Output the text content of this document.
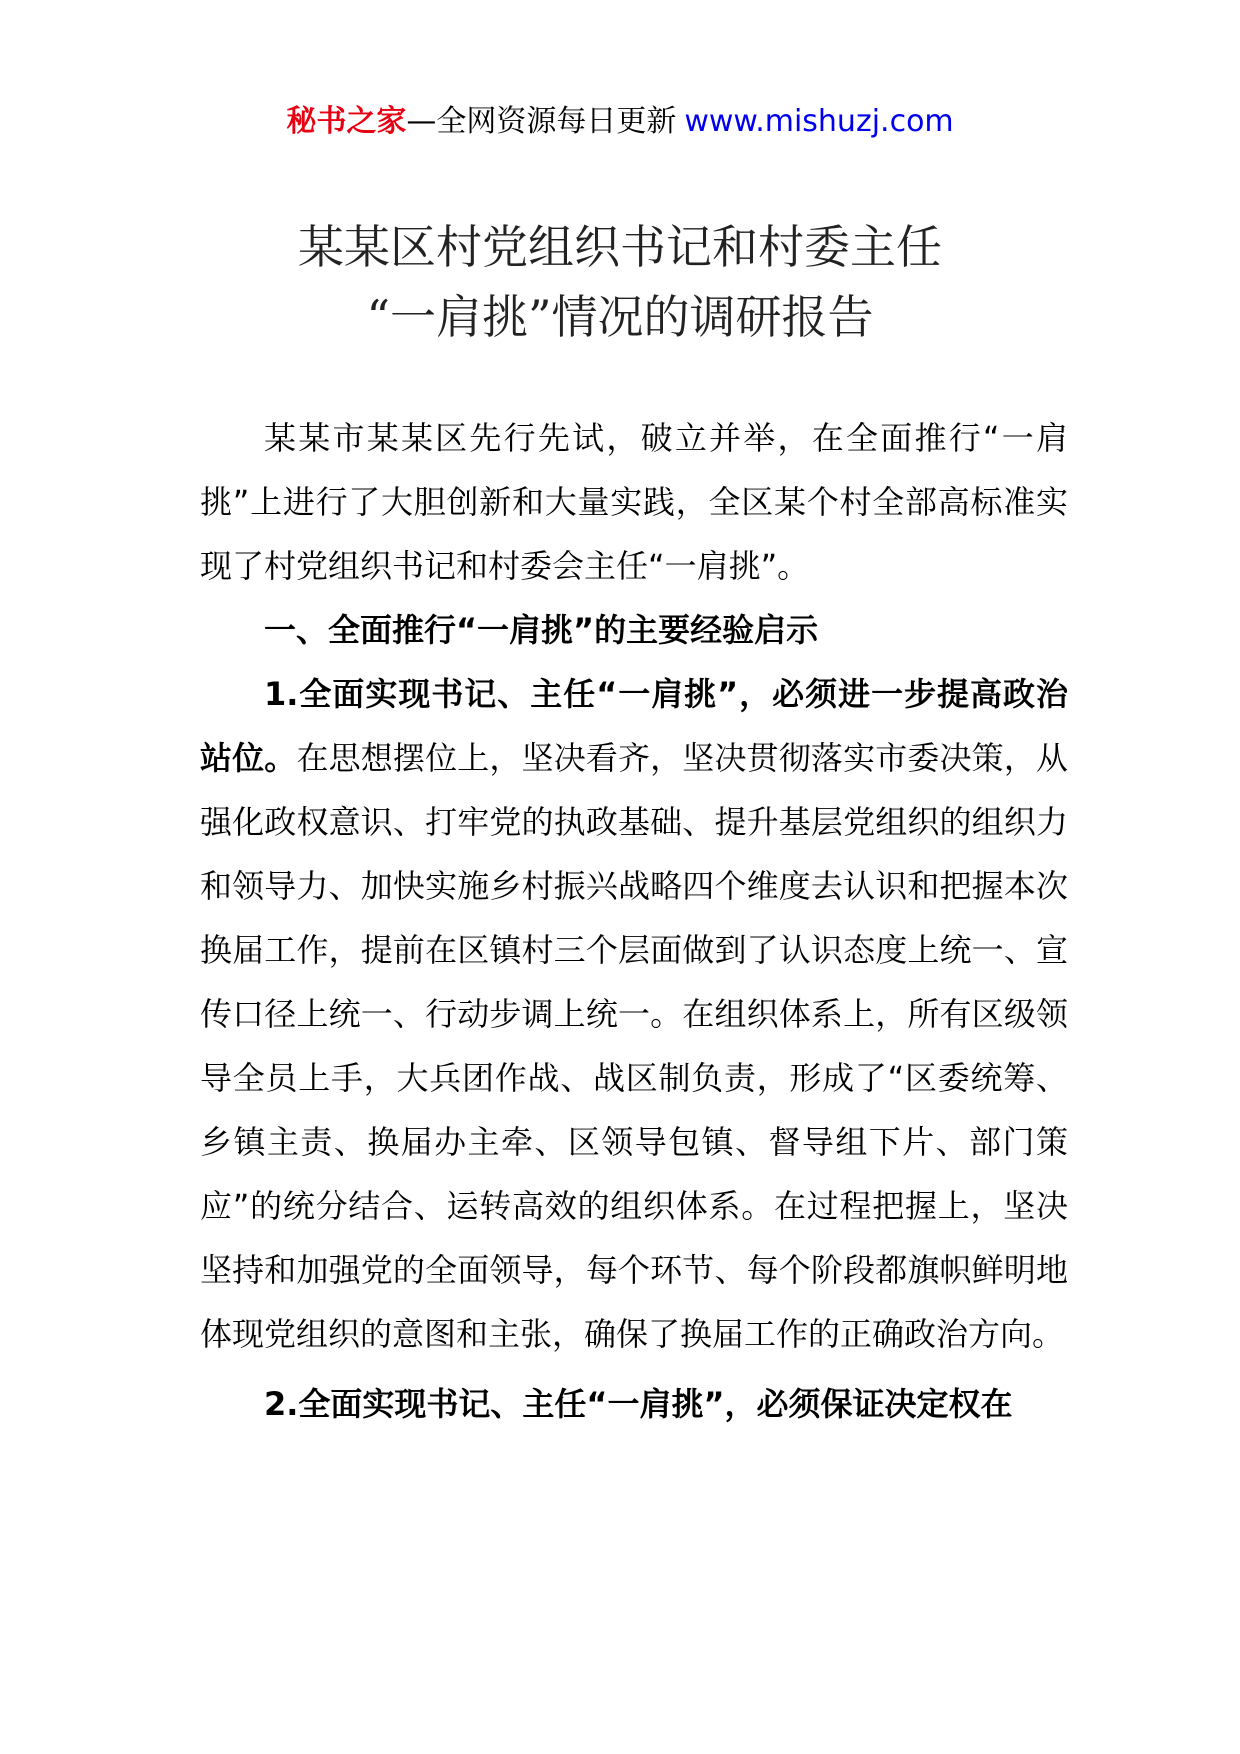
秘书之家—全网资源每日更新 www.mishuzj.com
某某区村党组织书记和村委主任
“一肩挑”情况的调研报告

某某市某某区先行先试，破立并举，在全面推行“一肩挑”上进行了大胆创新和大量实践，全区某个村全部高标准实现了村党组织书记和村委会主任“一肩挑”。

一、全面推行“一肩挑”的主要经验启示

1.全面实现书记、主任“一肩挑”，必须进一步提高政治站位。在思想摆位上，坚决看齐，坚决贯彻落实市委决策，从强化政权意识、打牢党的执政基础、提升基层党组织的组织力和领导力、加快实施乡村振兴战略四个维度去认识和把握本次换届工作，提前在区镇村三个层面做到了认识态度上统一、宣传口径上统一、行动步调上统一。在组织体系上，所有区级领导全员上手，大兵团作战、战区制负责，形成了“区委统筹、乡镇主责、换届办主牵、区领导包镇、督导组下片、部门策应”的统分结合、运转高效的组织体系。在过程把握上，坚决坚持和加强党的全面领导，每个环节、每个阶段都旗帜鲜明地体现党组织的意图和主张，确保了换届工作的正确政治方向。

2.全面实现书记、主任“一肩挑”，必须保证决定权在
